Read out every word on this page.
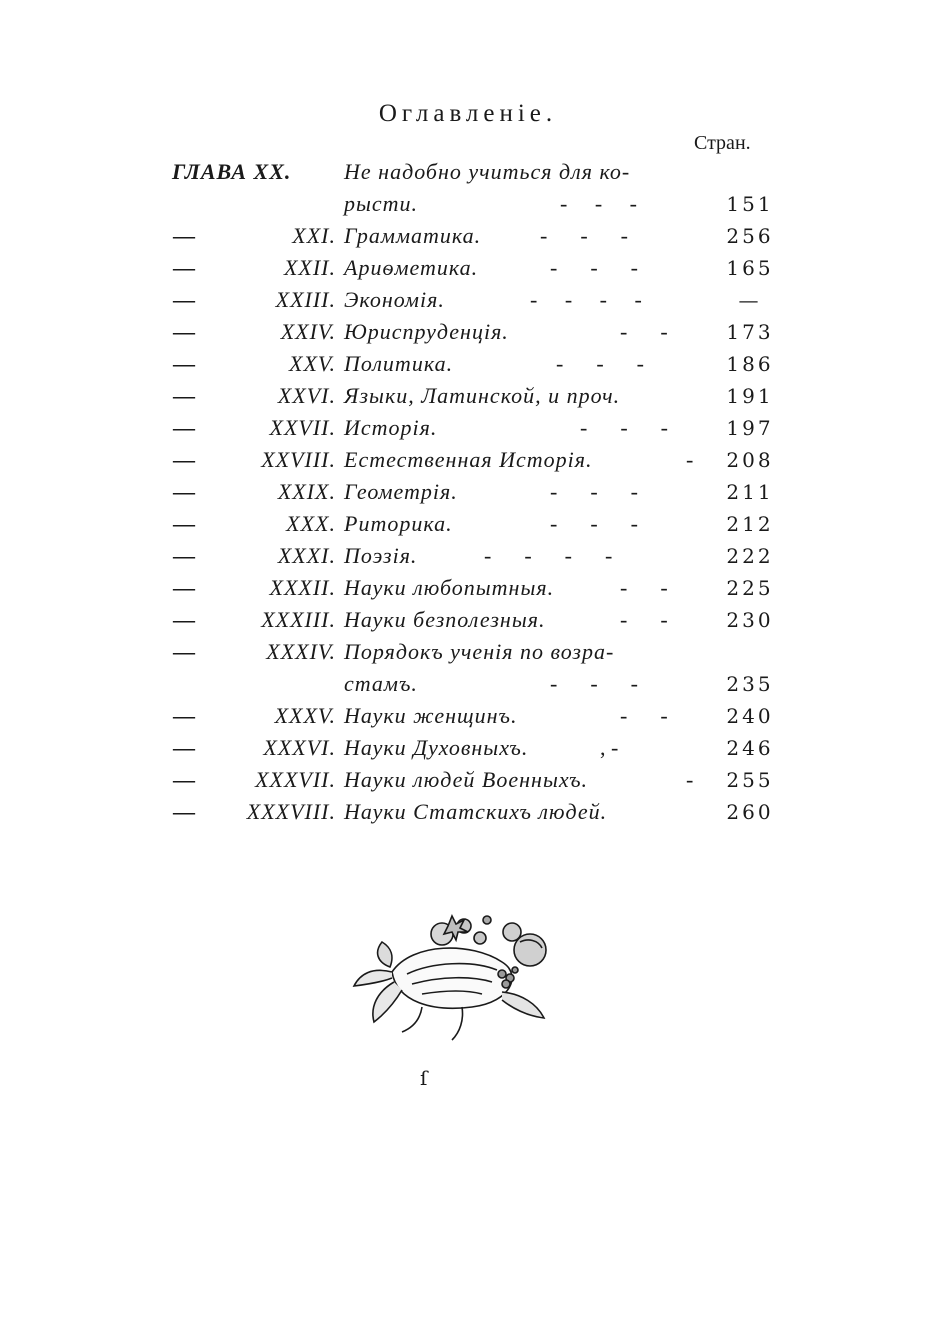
Оглавленіе.
Стран.
ГЛАВА XX. Не надобно учиться для ко-
рысти.	-     -     -	151
—	XXI. Грамматика.	-      -      -	256
—	XXII. Ариѳметика.	-      -      -	165
—	XXIII. Экономія.	-     -     -     -	—
—	XXIV. Юриспруденція.	-      -	173
—	XXV. Политика.	-      -      -	186
—	XXVI. Языки, Латинской, и проч.	191
—	XXVII. Исторія.	-      -      -	197
—	XXVIII. Естественная Исторія.	-	208
—	XXIX. Геометрія.	-      -      -	211
—	XXX. Риторика.	-      -      -	212
—	XXXI. Поэзія.	-      -      -      -	222
—	XXXII. Науки любопытныя.	-      -	225
—	XXXIII. Науки безполезныя.	-      -	230
—	XXXIV. Порядокъ ученія по возра-
стамъ.	-      -      -	235
—	XXXV. Науки женщинъ.	-      -	240
—	XXXVI. Науки Духовныхъ.	, -	246
—	XXXVII. Науки людей Военныхъ.	-	255
— XXXVIII. Науки Статскихъ людей.	260
ſ
